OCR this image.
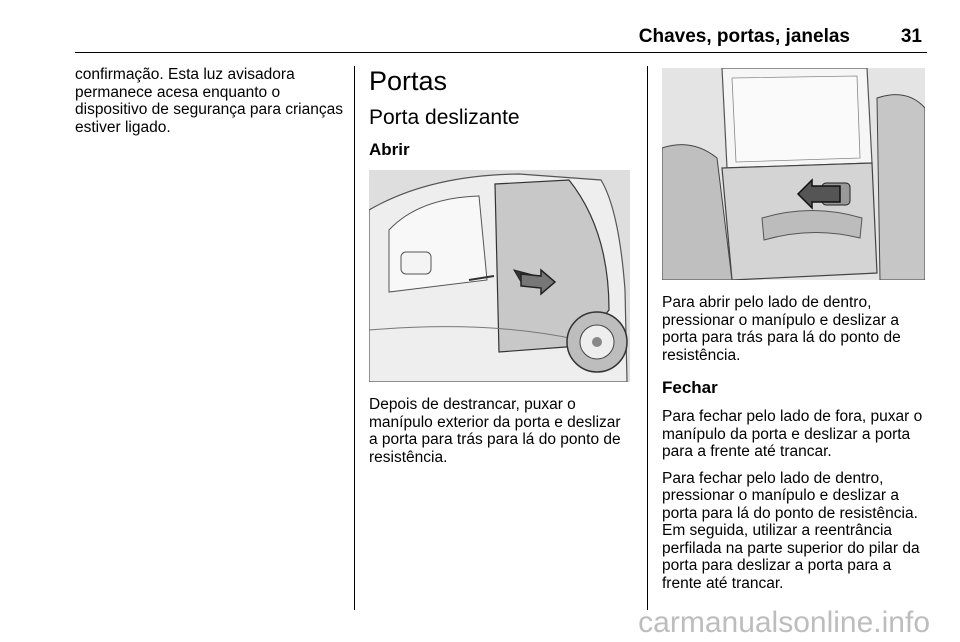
Chaves, portas, janelas	31

confirmação. Esta luz avisadora permanece acesa enquanto o dispositivo de segurança para crianças estiver ligado.

Portas
Porta deslizante
Abrir

Depois de destrancar, puxar o manípulo exterior da porta e deslizar a porta para trás para lá do ponto de resistência.

Para abrir pelo lado de dentro, pressionar o manípulo e deslizar a porta para trás para lá do ponto de resistência.

Fechar

Para fechar pelo lado de fora, puxar o manípulo da porta e deslizar a porta para a frente até trancar.

Para fechar pelo lado de dentro, pressionar o manípulo e deslizar a porta para lá do ponto de resistência. Em seguida, utilizar a reentrância perfilada na parte superior do pilar da porta para deslizar a porta para a frente até trancar.

carmanualsonline.info
